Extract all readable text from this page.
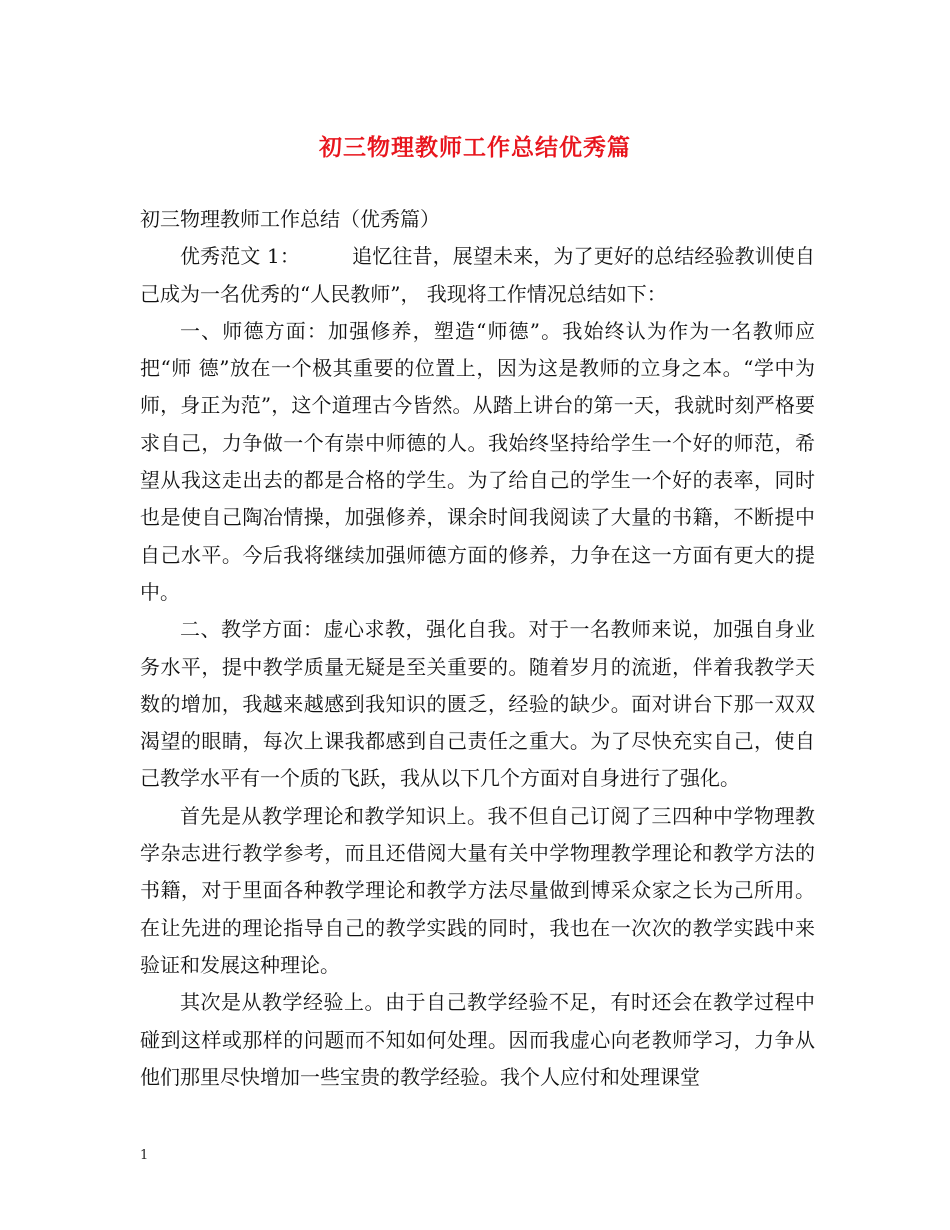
初三物理教师工作总结优秀篇

初三物理教师工作总结（优秀篇）

优秀范文 1：	追忆往昔，展望未来，为了更好的总结经验教训使自己成为一名优秀的“人民教师”， 我现将工作情况总结如下：

一、师德方面：加强修养，塑造“师德”。我始终认为作为一名教师应把“师 德”放在一个极其重要的位置上，因为这是教师的立身之本。“学中为师，身正为范”，这个道理古今皆然。从踏上讲台的第一天，我就时刻严格要求自己，力争做一个有崇中师德的人。我始终坚持给学生一个好的师范，希望从我这走出去的都是合格的学生。为了给自己的学生一个好的表率，同时也是使自己陶冶情操，加强修养，课余时间我阅读了大量的书籍，不断提中自己水平。今后我将继续加强师德方面的修养，力争在这一方面有更大的提中。

二、教学方面：虚心求教，强化自我。对于一名教师来说，加强自身业务水平，提中教学质量无疑是至关重要的。随着岁月的流逝，伴着我教学天数的增加，我越来越感到我知识的匮乏，经验的缺少。面对讲台下那一双双渴望的眼睛，每次上课我都感到自己责任之重大。为了尽快充实自己，使自己教学水平有一个质的飞跃，我从以下几个方面对自身进行了强化。

首先是从教学理论和教学知识上。我不但自己订阅了三四种中学物理教学杂志进行教学参考，而且还借阅大量有关中学物理教学理论和教学方法的书籍，对于里面各种教学理论和教学方法尽量做到博采众家之长为己所用。在让先进的理论指导自己的教学实践的同时，我也在一次次的教学实践中来验证和发展这种理论。

其次是从教学经验上。由于自己教学经验不足，有时还会在教学过程中碰到这样或那样的问题而不知如何处理。因而我虚心向老教师学习，力争从他们那里尽快增加一些宝贵的教学经验。我个人应付和处理课堂

1
